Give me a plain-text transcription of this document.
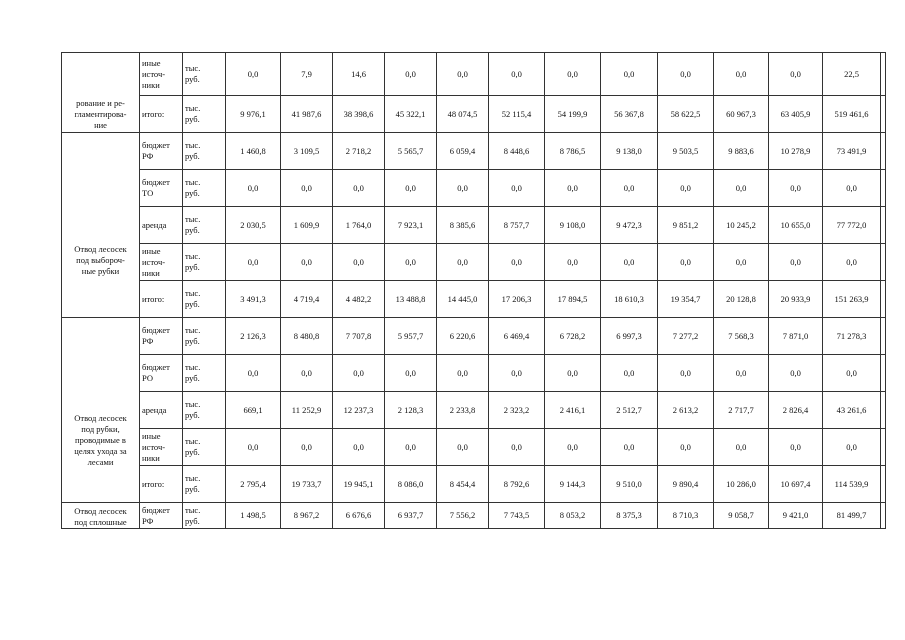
рование и ре-
гламентирова-
ние	иные
источ-
ники	тыс.
руб.	0,0	7,9	14,6	0,0	0,0	0,0	0,0	0,0	0,0	0,0	0,0	22,5	
	итого:	тыс.
руб.	9 976,1	41 987,6	38 398,6	45 322,1	48 074,5	52 115,4	54 199,9	56 367,8	58 622,5	60 967,3	63 405,9	519 461,6	

Отвод лесосек
под выбороч-
ные рубки	бюджет
РФ	тыс.
руб.	1 460,8	3 109,5	2 718,2	5 565,7	6 059,4	8 448,6	8 786,5	9 138,0	9 503,5	9 883,6	10 278,9	73 491,9	
	бюджет
ТО	тыс.
руб.	0,0	0,0	0,0	0,0	0,0	0,0	0,0	0,0	0,0	0,0	0,0	0,0	
	аренда	тыс.
руб.	2 030,5	1 609,9	1 764,0	7 923,1	8 385,6	8 757,7	9 108,0	9 472,3	9 851,2	10 245,2	10 655,0	77 772,0	
	иные
источ-
ники	тыс.
руб.	0,0	0,0	0,0	0,0	0,0	0,0	0,0	0,0	0,0	0,0	0,0	0,0	
	итого:	тыс.
руб.	3 491,3	4 719,4	4 482,2	13 488,8	14 445,0	17 206,3	17 894,5	18 610,3	19 354,7	20 128,8	20 933,9	151 263,9	

Отвод лесосек
под рубки,
проводимые в
целях ухода за
лесами	бюджет
РФ	тыс.
руб.	2 126,3	8 480,8	7 707,8	5 957,7	6 220,6	6 469,4	6 728,2	6 997,3	7 277,2	7 568,3	7 871,0	71 278,3	
	бюджет
РО	тыс.
руб.	0,0	0,0	0,0	0,0	0,0	0,0	0,0	0,0	0,0	0,0	0,0	0,0	
	аренда	тыс.
руб.	669,1	11 252,9	12 237,3	2 128,3	2 233,8	2 323,2	2 416,1	2 512,7	2 613,2	2 717,7	2 826,4	43 261,6	
	иные
источ-
ники	тыс.
руб.	0,0	0,0	0,0	0,0	0,0	0,0	0,0	0,0	0,0	0,0	0,0	0,0	
	итого:	тыс.
руб.	2 795,4	19 733,7	19 945,1	8 086,0	8 454,4	8 792,6	9 144,3	9 510,0	9 890,4	10 286,0	10 697,4	114 539,9	

Отвод лесосек
под сплошные	бюджет
РФ	тыс.
руб.	1 498,5	8 967,2	6 676,6	6 937,7	7 556,2	7 743,5	8 053,2	8 375,3	8 710,3	9 058,7	9 421,0	81 499,7	
